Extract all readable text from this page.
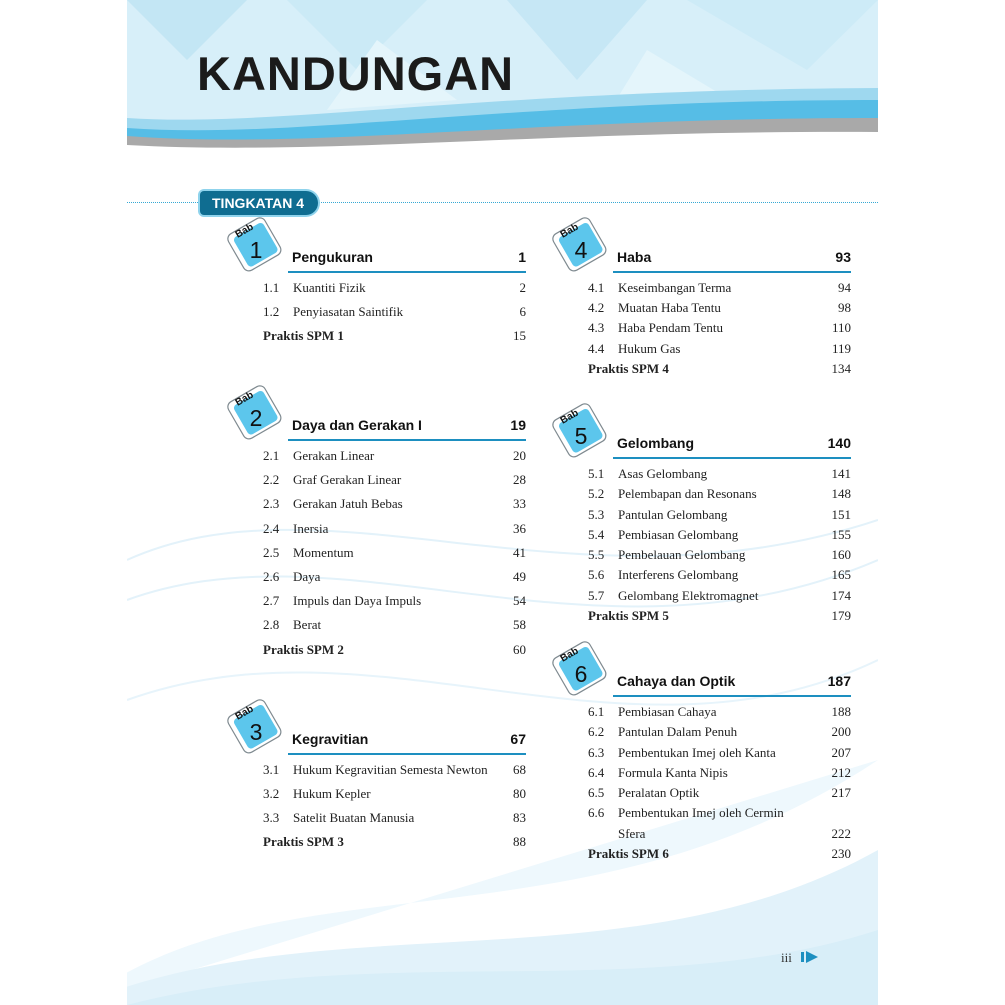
KANDUNGAN
TINGKATAN 4
Bab
1 Pengukuran	1
1.1	Kuantiti Fizik	2
1.2	Penyiasatan Saintifik	6
Praktis SPM 1	15
Bab
2 Daya dan Gerakan I	19
2.1	Gerakan Linear	20
2.2	Graf Gerakan Linear	28
2.3	Gerakan Jatuh Bebas	33
2.4	Inersia	36
2.5	Momentum	41
2.6	Daya	49
2.7	Impuls dan Daya Impuls	54
2.8	Berat	58
Praktis SPM 2	60
Bab
3 Kegravitian	67
3.1	Hukum Kegravitian Semesta Newton 68
3.2	Hukum Kepler	80
3.3	Satelit Buatan Manusia	83
Praktis SPM 3	88
Bab
4 Haba	93
4.1	Keseimbangan Terma	94
4.2	Muatan Haba Tentu	98
4.3	Haba Pendam Tentu	110
4.4	Hukum Gas	119
Praktis SPM 4	134
Bab
5 Gelombang	140
5.1	Asas Gelombang	141
5.2	Pelembapan dan Resonans	148
5.3	Pantulan Gelombang	151
5.4	Pembiasan Gelombang	155
5.5	Pembelauan Gelombang	160
5.6	Interferens Gelombang	165
5.7	Gelombang Elektromagnet	174
Praktis SPM 5	179
Bab
6 Cahaya dan Optik	187
6.1	Pembiasan Cahaya	188
6.2	Pantulan Dalam Penuh	200
6.3	Pembentukan Imej oleh Kanta	207
6.4	Formula Kanta Nipis	212
6.5	Peralatan Optik	217
6.6	Pembentukan Imej oleh Cermin
Sfera	222
Praktis SPM 6	230
iii
